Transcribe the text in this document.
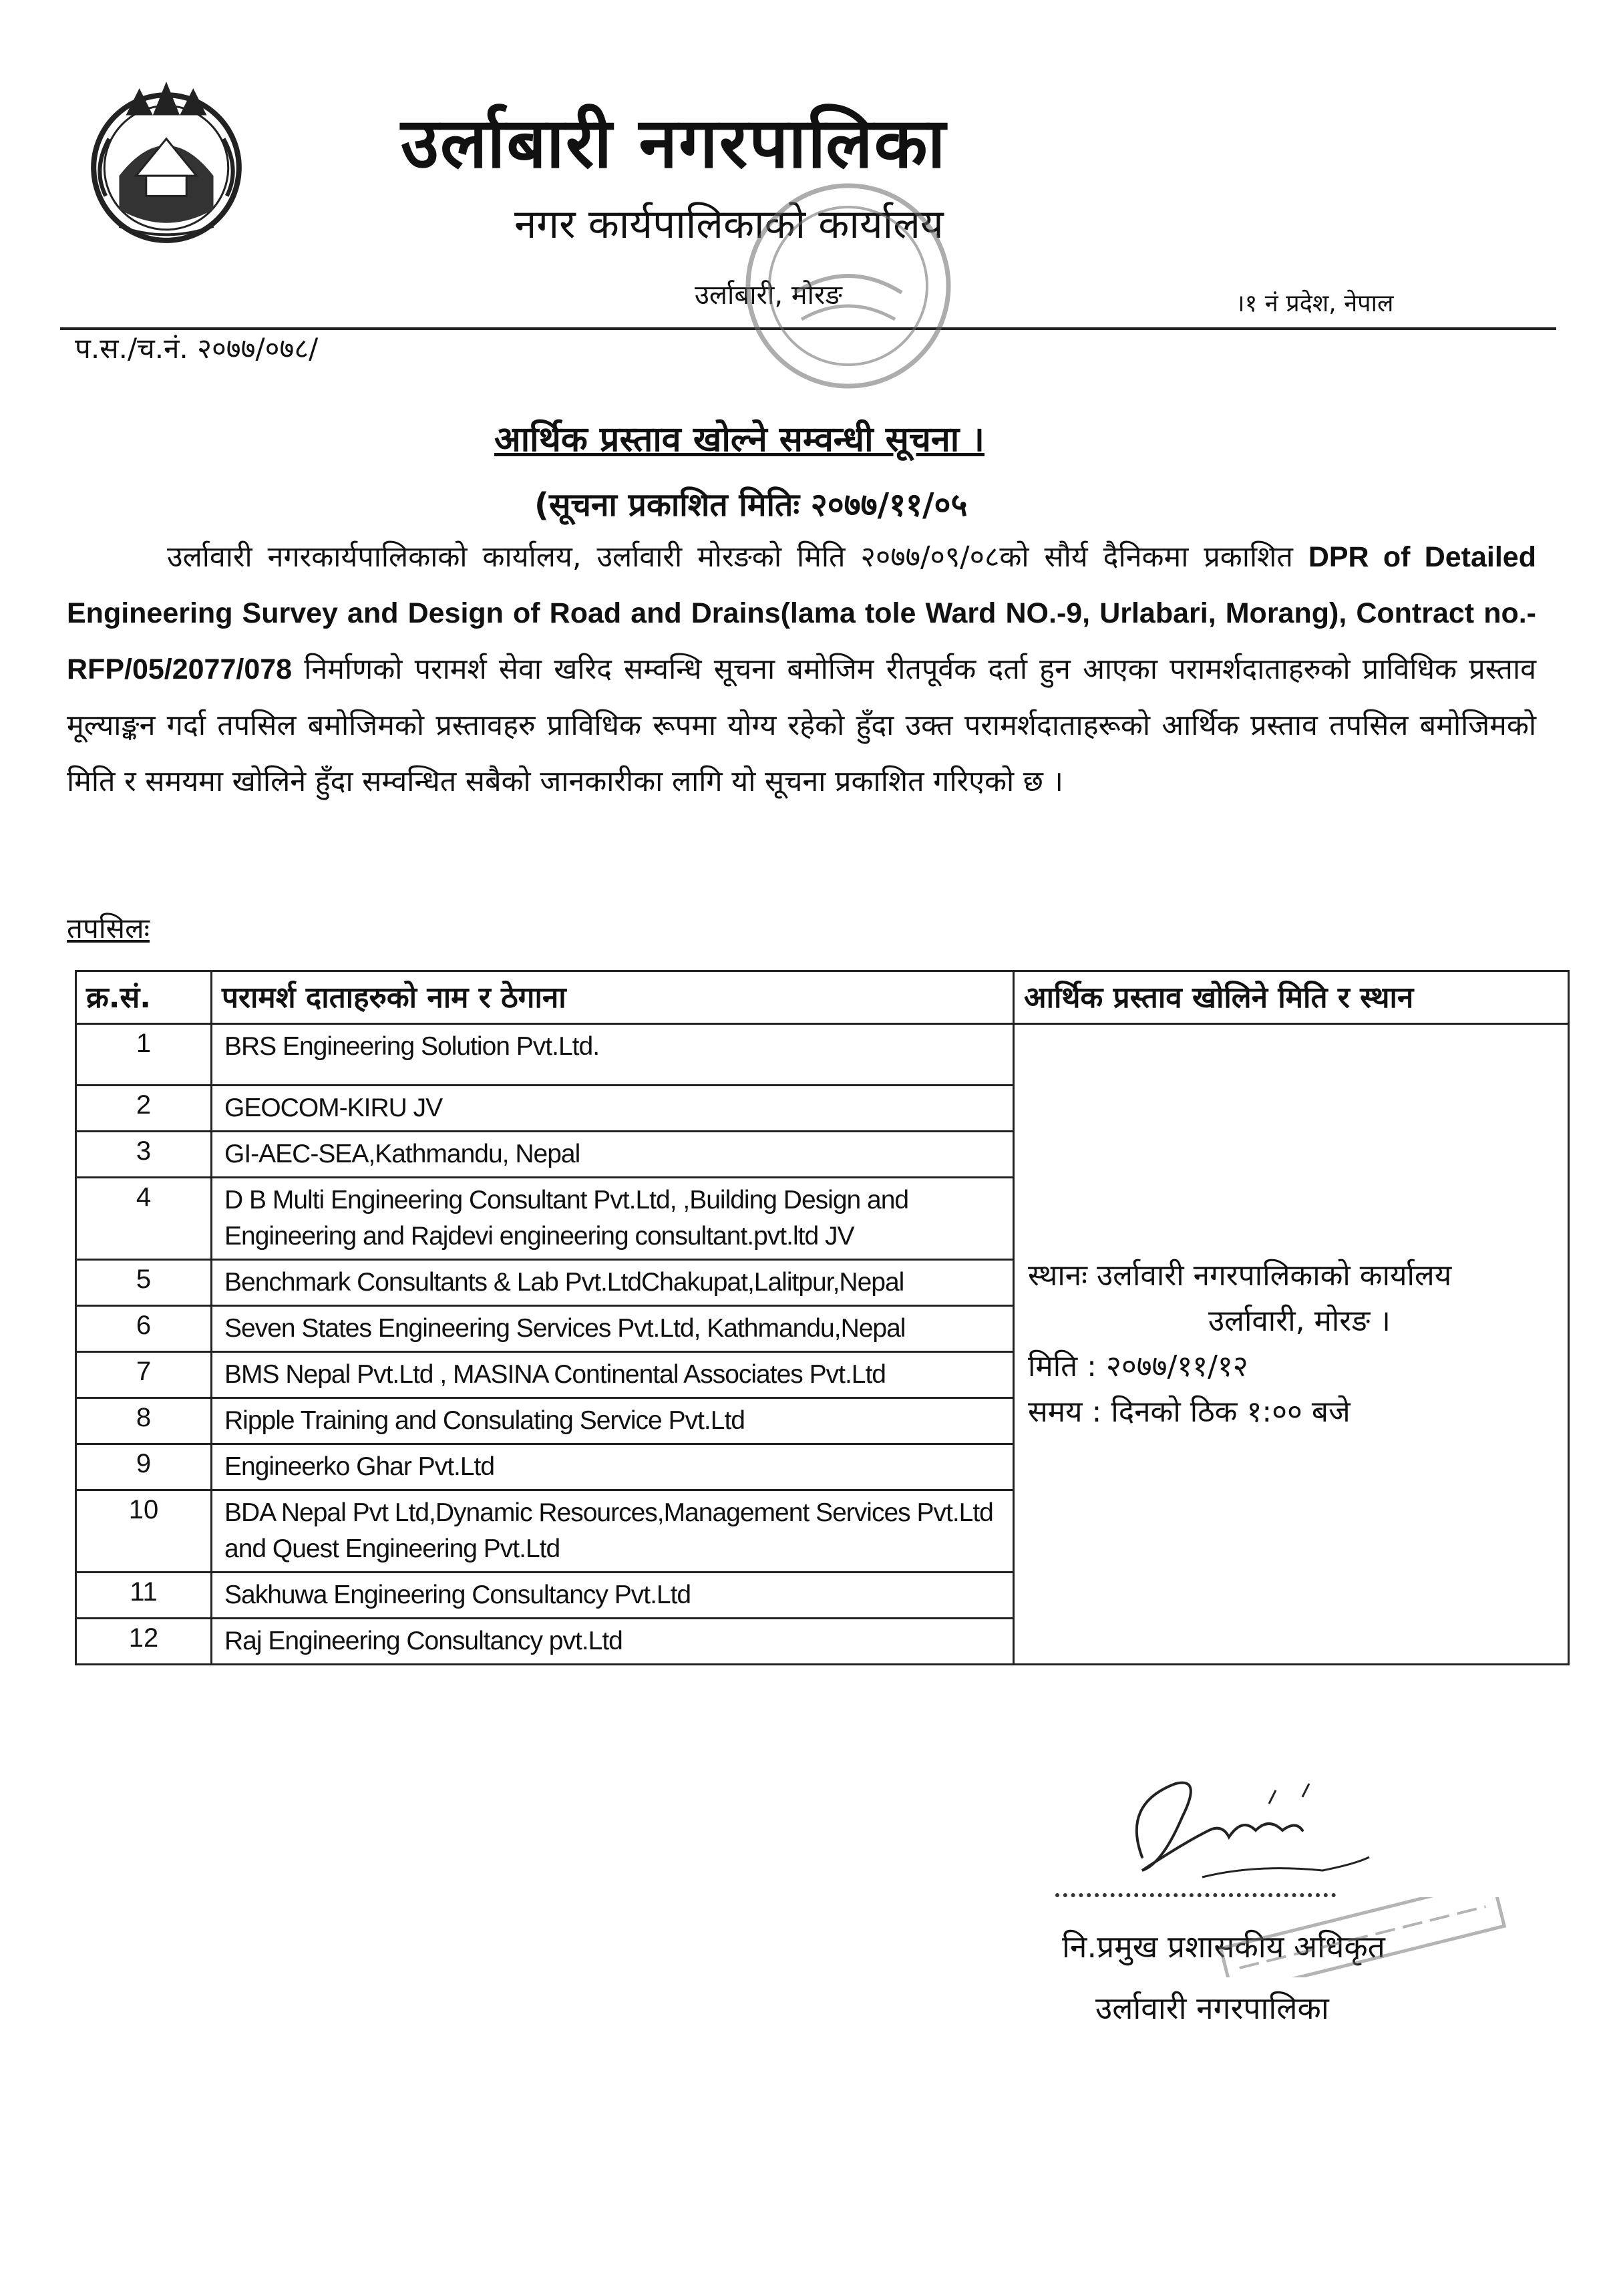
उर्लाबारी नगरपालिका
नगर कार्यपालिकाको कार्यालय
उर्लाबारी, मोरङ	।१ नं प्रदेश, नेपाल
प.स./च.नं. २०७७/०७८/
आर्थिक प्रस्ताव खोल्ने सम्वन्धी सूचना ।
(सूचना प्रकाशित मितिः २०७७/११/०५
उर्लावारी नगरकार्यपालिकाको कार्यालय, उर्लावारी मोरङको मिति २०७७/०९/०८को सौर्य दैनिकमा प्रकाशित DPR of Detailed Engineering Survey and Design of Road and Drains(lama tole Ward NO.-9, Urlabari, Morang), Contract no.- RFP/05/2077/078 निर्माणको परामर्श सेवा खरिद सम्वन्धि सूचना बमोजिम रीतपूर्वक दर्ता हुन आएका परामर्शदाताहरुको प्राविधिक प्रस्ताव मूल्याङ्कन गर्दा तपसिल बमोजिमको प्रस्तावहरु प्राविधिक रूपमा योग्य रहेको हुँदा उक्त परामर्शदाताहरूको आर्थिक प्रस्ताव तपसिल बमोजिमको मिति र समयमा खोलिने हुँदा सम्वन्धित सबैको जानकारीका लागि यो सूचना प्रकाशित गरिएको छ ।
तपसिलः
क्र.सं.	परामर्श दाताहरुको नाम र ठेगाना	आर्थिक प्रस्ताव खोलिने मिति र स्थान
1	BRS Engineering Solution Pvt.Ltd.	स्थानः उर्लावारी नगरपालिकाको कार्यालय
उर्लावारी, मोरङ ।
मिति : २०७७/११/१२
समय : दिनको ठिक १:०० बजे

2	GEOCOM-KIRU JV	
3	GI-AEC-SEA,Kathmandu, Nepal	
4	D B Multi Engineering Consultant Pvt.Ltd, ,Building Design and Engineering and Rajdevi engineering consultant.pvt.ltd JV	
5	Benchmark Consultants & Lab Pvt.LtdChakupat,Lalitpur,Nepal	
6	Seven States Engineering Services Pvt.Ltd, Kathmandu,Nepal	
7	BMS Nepal Pvt.Ltd , MASINA Continental Associates Pvt.Ltd	
8	Ripple Training and Consulating Service Pvt.Ltd	
9	Engineerko Ghar Pvt.Ltd	
10	BDA Nepal Pvt Ltd,Dynamic Resources,Management Services Pvt.Ltd and Quest Engineering Pvt.Ltd	
11	Sakhuwa Engineering Consultancy Pvt.Ltd	
12	Raj Engineering Consultancy pvt.Ltd	
नि.प्रमुख प्रशासकीय अधिकृत
उर्लावारी नगरपालिका
